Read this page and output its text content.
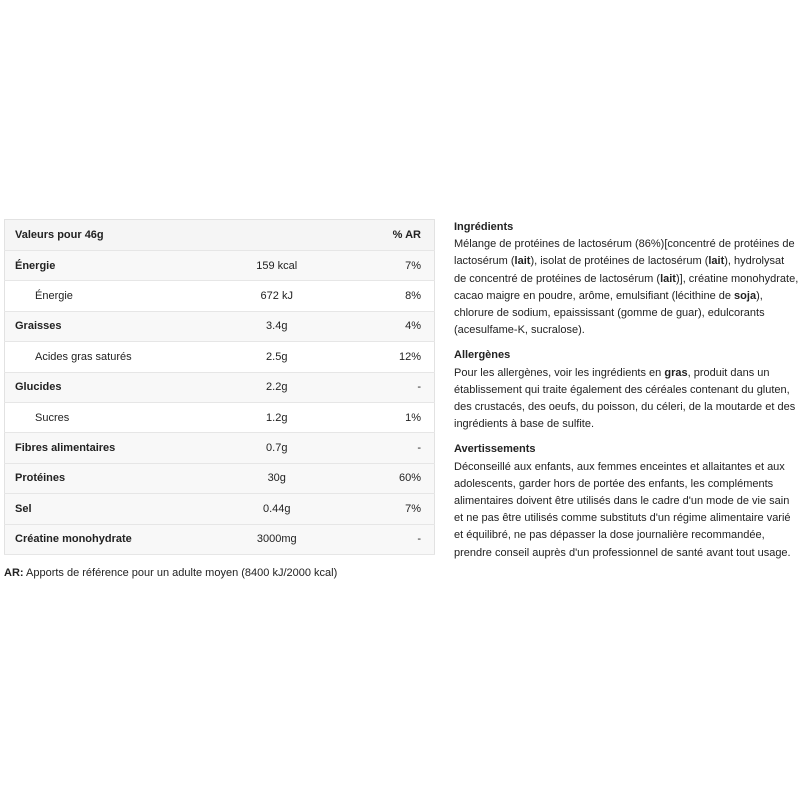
Valeurs pour 46g		% AR
Énergie	159 kcal	7%
Énergie	672 kJ	8%
Graisses	3.4g	4%
Acides gras saturés	2.5g	12%
Glucides	2.2g	-
Sucres	1.2g	1%
Fibres alimentaires	0.7g	-
Protéines	30g	60%
Sel	0.44g	7%
Créatine monohydrate	3000mg	-
AR: Apports de référence pour un adulte moyen (8400 kJ/2000 kcal)

Ingrédients

Mélange de protéines de lactosérum (86%)[concentré de protéines de lactosérum (lait), isolat de protéines de lactosérum (lait), hydrolysat de concentré de protéines de lactosérum (lait)], créatine monohydrate, cacao maigre en poudre, arôme, emulsifiant (lécithine de soja), chlorure de sodium, epaississant (gomme de guar), edulcorants (acesulfame-K, sucralose).

Allergènes

Pour les allergènes, voir les ingrédients en gras, produit dans un établissement qui traite également des céréales contenant du gluten, des crustacés, des oeufs, du poisson, du céleri, de la moutarde et des ingrédients à base de sulfite.

Avertissements

Déconseillé aux enfants, aux femmes enceintes et allaitantes et aux adolescents, garder hors de portée des enfants, les compléments alimentaires doivent être utilisés dans le cadre d'un mode de vie sain et ne pas être utilisés comme substituts d'un régime alimentaire varié et équilibré, ne pas dépasser la dose journalière recommandée, prendre conseil auprès d'un professionnel de santé avant tout usage.
